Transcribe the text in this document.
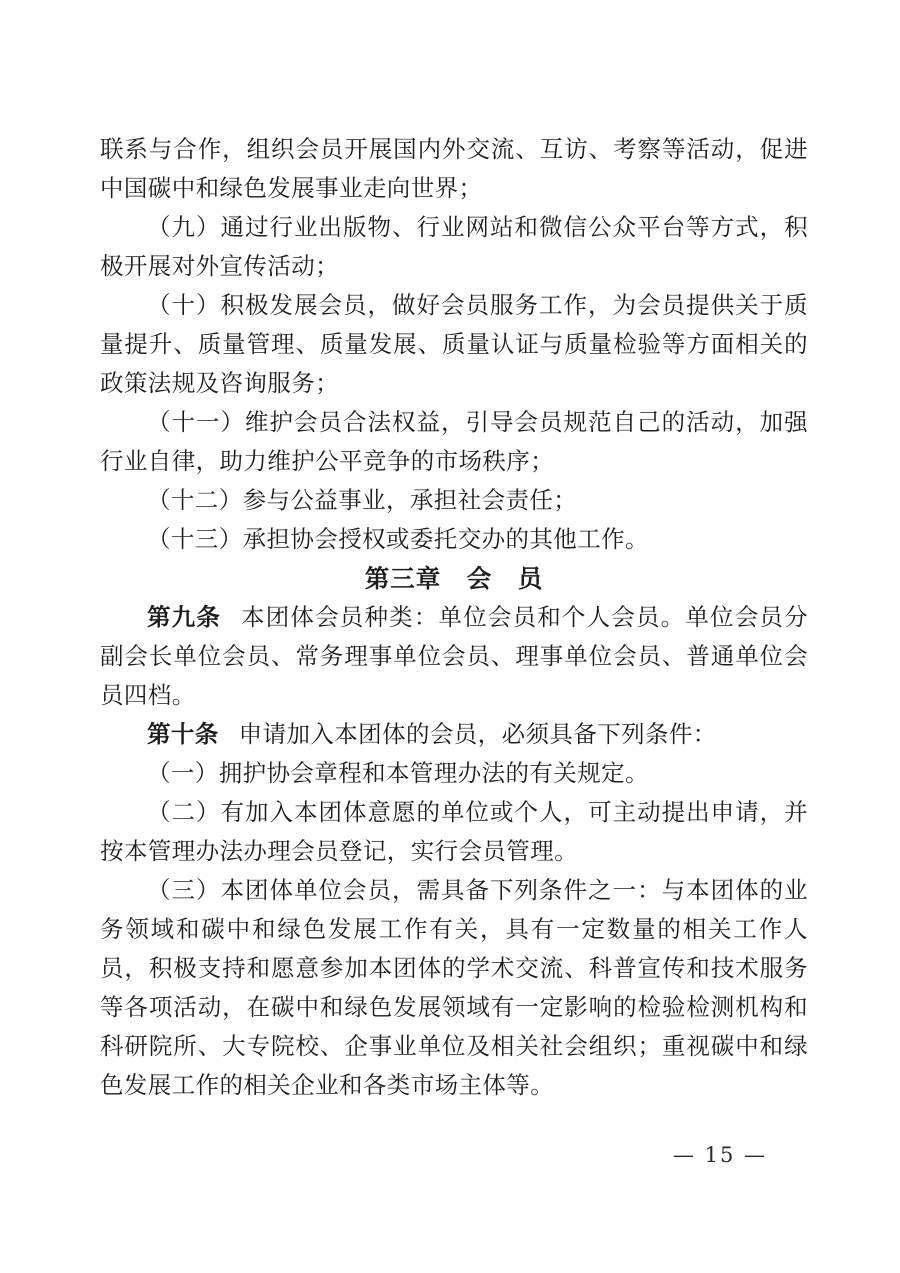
联系与合作，组织会员开展国内外交流、互访、考察等活动，促进中国碳中和绿色发展事业走向世界；

（九）通过行业出版物、行业网站和微信公众平台等方式，积极开展对外宣传活动；

（十）积极发展会员，做好会员服务工作，为会员提供关于质量提升、质量管理、质量发展、质量认证与质量检验等方面相关的政策法规及咨询服务；

（十一）维护会员合法权益，引导会员规范自己的活动，加强行业自律，助力维护公平竞争的市场秩序；

（十二）参与公益事业，承担社会责任；

（十三）承担协会授权或委托交办的其他工作。

第三章　会　员

第九条 本团体会员种类：单位会员和个人会员。单位会员分副会长单位会员、常务理事单位会员、理事单位会员、普通单位会员四档。

第十条 申请加入本团体的会员，必须具备下列条件：

（一）拥护协会章程和本管理办法的有关规定。

（二）有加入本团体意愿的单位或个人，可主动提出申请，并按本管理办法办理会员登记，实行会员管理。

（三）本团体单位会员，需具备下列条件之一：与本团体的业务领域和碳中和绿色发展工作有关，具有一定数量的相关工作人员，积极支持和愿意参加本团体的学术交流、科普宣传和技术服务等各项活动，在碳中和绿色发展领域有一定影响的检验检测机构和科研院所、大专院校、企事业单位及相关社会组织；重视碳中和绿色发展工作的相关企业和各类市场主体等。

— 15 —
